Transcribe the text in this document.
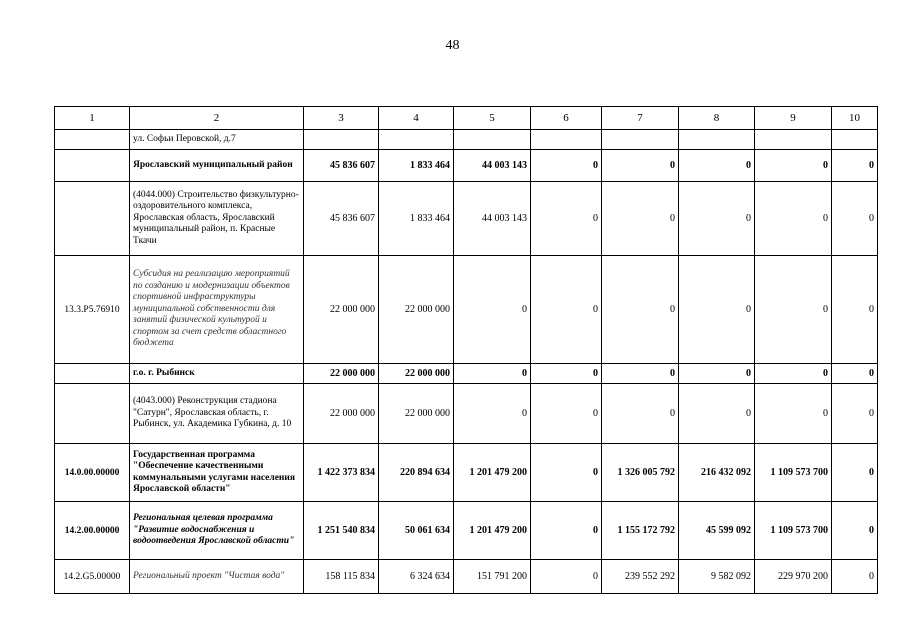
48
1	2	3	4	5	6	7	8	9	10
	ул. Софьи Перовской, д.7								
	Ярославский муниципальный район	45 836 607	1 833 464	44 003 143	0	0	0	0	0
	(4044.000) Строительство физкультурно-оздоровительного комплекса, Ярославская область, Ярославский муниципальный район, п. Красные Ткачи	45 836 607	1 833 464	44 003 143	0	0	0	0	0
13.3.Р5.76910	Субсидия на реализацию мероприятий по созданию и модернизации объектов спортивной инфраструктуры муниципальной собственности для занятий физической культурой и спортом за счет средств областного бюджета	22 000 000	22 000 000	0	0	0	0	0	0
	г.о. г. Рыбинск	22 000 000	22 000 000	0	0	0	0	0	0
	(4043.000) Реконструкция стадиона "Сатурн", Ярославская область, г. Рыбинск, ул. Академика Губкина, д. 10	22 000 000	22 000 000	0	0	0	0	0	0
14.0.00.00000	Государственная программа "Обеспечение качественными коммунальными услугами населения Ярославской области"	1 422 373 834	220 894 634	1 201 479 200	0	1 326 005 792	216 432 092	1 109 573 700	0
14.2.00.00000	Региональная целевая программа "Развитие водоснабжения и водоотведения Ярославской области"	1 251 540 834	50 061 634	1 201 479 200	0	1 155 172 792	45 599 092	1 109 573 700	0
14.2.G5.00000	Региональный проект "Чистая вода"	158 115 834	6 324 634	151 791 200	0	239 552 292	9 582 092	229 970 200	0
